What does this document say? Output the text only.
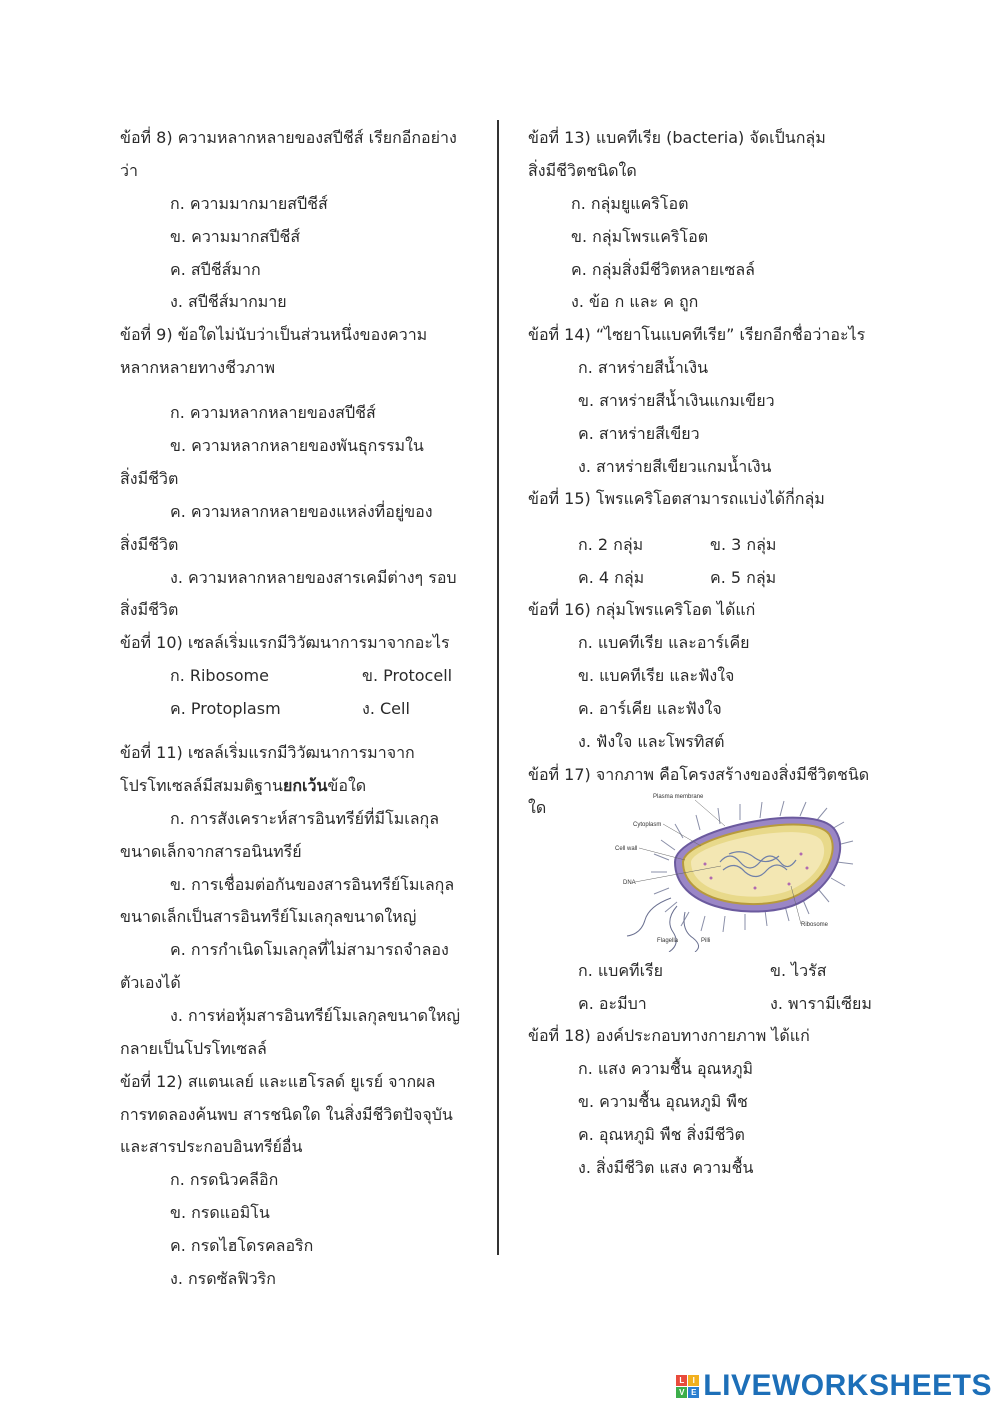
ข้อที่ 8) ความหลากหลายของสปีชีส์ เรียกอีกอย่าง
ว่า
ก. ความมากมายสปีชีส์
ข. ความมากสปีชีส์
ค. สปีชีส์มาก
ง. สปีชีส์มากมาย
ข้อที่ 9) ข้อใดไม่นับว่าเป็นส่วนหนึ่งของความ
หลากหลายทางชีวภาพ
ก. ความหลากหลายของสปีชีส์
ข. ความหลากหลายของพันธุกรรมใน
สิ่งมีชีวิต
ค. ความหลากหลายของแหล่งที่อยู่ของ
สิ่งมีชีวิต
ง. ความหลากหลายของสารเคมีต่างๆ รอบ
สิ่งมีชีวิต
ข้อที่ 10) เซลล์เริ่มแรกมีวิวัฒนาการมาจากอะไร
ก. Ribosome	ข. Protocell
ค. Protoplasm	ง. Cell
ข้อที่ 11) เซลล์เริ่มแรกมีวิวัฒนาการมาจาก
โปรโทเซลล์มีสมมติฐานยกเว้นข้อใด
ก. การสังเคราะห์สารอินทรีย์ที่มีโมเลกุล
ขนาดเล็กจากสารอนินทรีย์
ข. การเชื่อมต่อกันของสารอินทรีย์โมเลกุล
ขนาดเล็กเป็นสารอินทรีย์โมเลกุลขนาดใหญ่
ค. การกำเนิดโมเลกุลที่ไม่สามารถจำลอง
ตัวเองได้
ง. การห่อหุ้มสารอินทรีย์โมเลกุลขนาดใหญ่
กลายเป็นโปรโทเซลล์
ข้อที่ 12) สแตนเลย์ และแฮโรลด์ ยูเรย์ จากผล
การทดลองค้นพบ สารชนิดใด ในสิ่งมีชีวิตปัจจุบัน
และสารประกอบอินทรีย์อื่น
ก. กรดนิวคลีอิก
ข. กรดแอมิโน
ค. กรดไฮโดรคลอริก
ง. กรดซัลฟิวริก
ข้อที่ 13) แบคทีเรีย (bacteria) จัดเป็นกลุ่ม
สิ่งมีชีวิตชนิดใด
ก. กลุ่มยูแคริโอต
ข. กลุ่มโพรแคริโอต
ค. กลุ่มสิ่งมีชีวิตหลายเซลล์
ง. ข้อ ก และ ค ถูก
ข้อที่ 14) “ไซยาโนแบคทีเรีย” เรียกอีกชื่อว่าอะไร
ก. สาหร่ายสีน้ำเงิน
ข. สาหร่ายสีน้ำเงินแกมเขียว
ค. สาหร่ายสีเขียว
ง. สาหร่ายสีเขียวแกมน้ำเงิน
ข้อที่ 15) โพรแคริโอตสามารถแบ่งได้กี่กลุ่ม
ก. 2 กลุ่ม	ข. 3 กลุ่ม
ค. 4 กลุ่ม	ค. 5 กลุ่ม
ข้อที่ 16) กลุ่มโพรแคริโอต ได้แก่
ก. แบคทีเรีย และอาร์เคีย
ข. แบคทีเรีย และฟังใจ
ค. อาร์เคีย และฟังใจ
ง. ฟังใจ และโพรทิสต์
ข้อที่ 17) จากภาพ คือโครงสร้างของสิ่งมีชีวิตชนิด
ใด
Plasma membrane
Cytoplasm
Cell wall
DNA
Ribosome
Flagella	Pilli
ก. แบคทีเรีย	ข. ไวรัส
ค. อะมีบา	ง. พารามีเซียม
ข้อที่ 18) องค์ประกอบทางกายภาพ ได้แก่
ก. แสง ความชื้น อุณหภูมิ
ข. ความชื้น อุณหภูมิ พืช
ค. อุณหภูมิ พืช สิ่งมีชีวิต
ง. สิ่งมีชีวิต แสง ความชื้น
L	I
V E LIVEWORKSHEETS
